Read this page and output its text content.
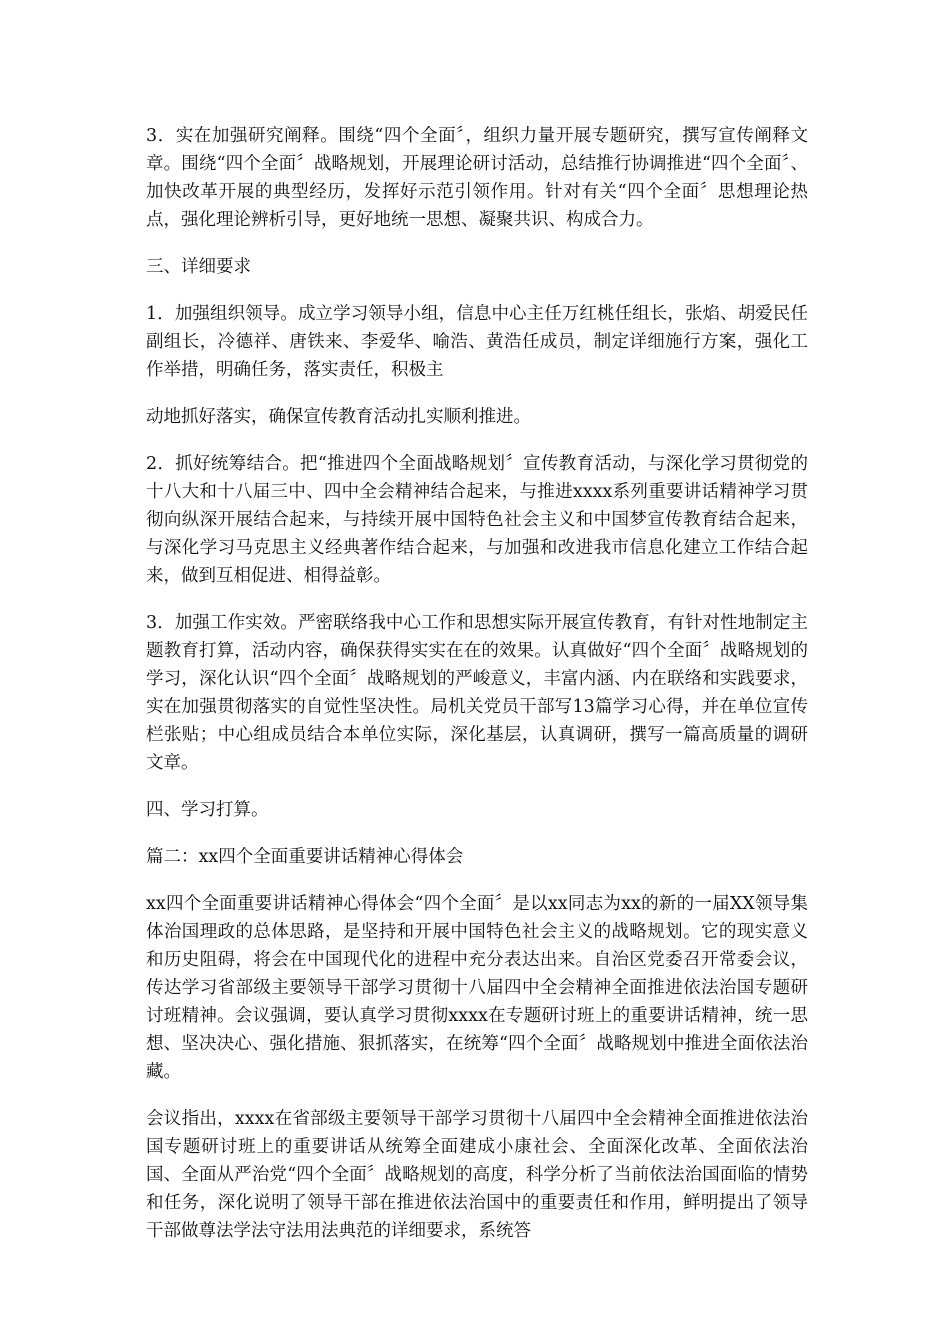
3．实在加强研究阐释。围绕“四个全面〞，组织力量开展专题研究，撰写宣传阐释文章。围绕“四个全面〞战略规划，开展理论研讨活动，总结推行协调推进“四个全面〞、加快改革开展的典型经历，发挥好示范引领作用。针对有关“四个全面〞思想理论热点，强化理论辨析引导，更好地统一思想、凝聚共识、构成合力。

三、详细要求

1．加强组织领导。成立学习领导小组，信息中心主任万红桃任组长，张焰、胡爱民任副组长，冷德祥、唐铁来、李爱华、喻浩、黄浩任成员，制定详细施行方案，强化工作举措，明确任务，落实责任，积极主

动地抓好落实，确保宣传教育活动扎实顺利推进。

2．抓好统筹结合。把“推进四个全面战略规划〞宣传教育活动，与深化学习贯彻党的十八大和十八届三中、四中全会精神结合起来，与推进xxxx系列重要讲话精神学习贯彻向纵深开展结合起来，与持续开展中国特色社会主义和中国梦宣传教育结合起来，与深化学习马克思主义经典著作结合起来，与加强和改进我市信息化建立工作结合起来，做到互相促进、相得益彰。

3．加强工作实效。严密联络我中心工作和思想实际开展宣传教育，有针对性地制定主题教育打算，活动内容，确保获得实实在在的效果。认真做好“四个全面〞战略规划的学习，深化认识“四个全面〞战略规划的严峻意义，丰富内涵、内在联络和实践要求，实在加强贯彻落实的自觉性坚决性。局机关党员干部写13篇学习心得，并在单位宣传栏张贴；中心组成员结合本单位实际，深化基层，认真调研，撰写一篇高质量的调研文章。

四、学习打算。

篇二：xx四个全面重要讲话精神心得体会

xx四个全面重要讲话精神心得体会“四个全面〞是以xx同志为xx的新的一届XX领导集体治国理政的总体思路，是坚持和开展中国特色社会主义的战略规划。它的现实意义和历史阻碍，将会在中国现代化的进程中充分表达出来。自治区党委召开常委会议，传达学习省部级主要领导干部学习贯彻十八届四中全会精神全面推进依法治国专题研讨班精神。会议强调，要认真学习贯彻xxxx在专题研讨班上的重要讲话精神，统一思想、坚决决心、强化措施、狠抓落实，在统筹“四个全面〞战略规划中推进全面依法治藏。

会议指出，xxxx在省部级主要领导干部学习贯彻十八届四中全会精神全面推进依法治国专题研讨班上的重要讲话从统筹全面建成小康社会、全面深化改革、全面依法治国、全面从严治党“四个全面〞战略规划的高度，科学分析了当前依法治国面临的情势和任务，深化说明了领导干部在推进依法治国中的重要责任和作用，鲜明提出了领导干部做尊法学法守法用法典范的详细要求，系统答
